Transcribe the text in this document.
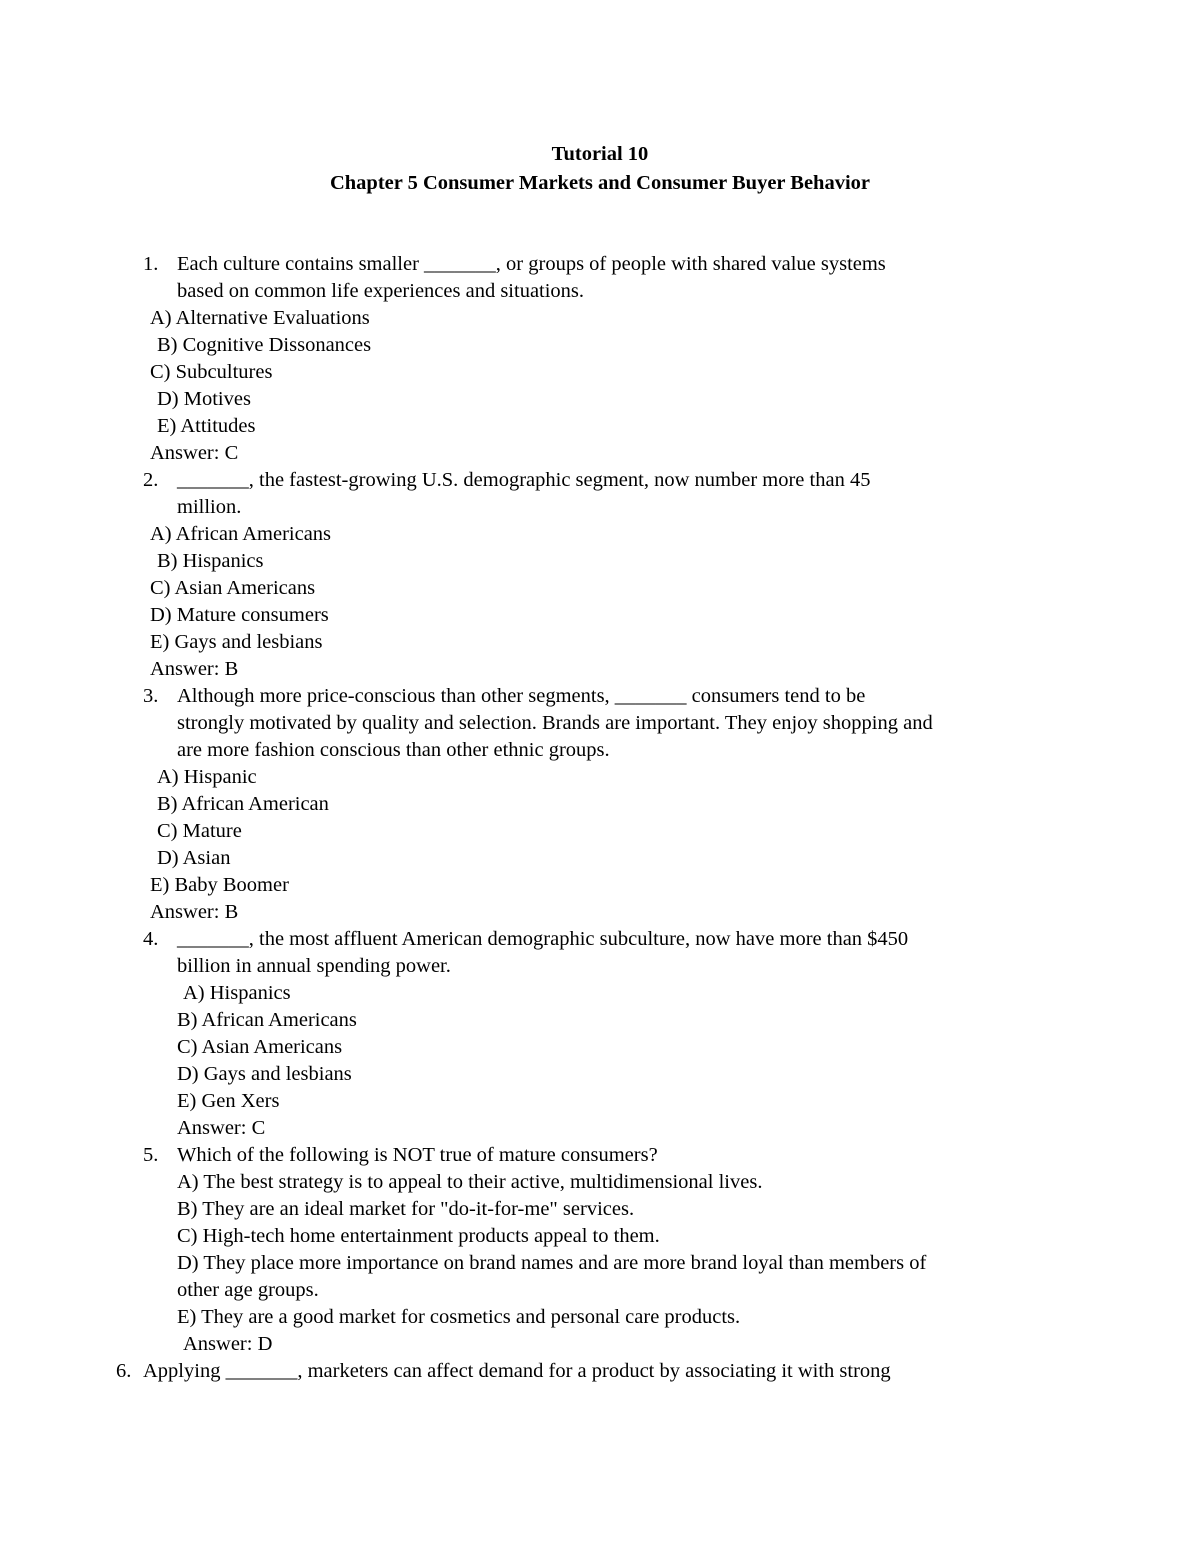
Tutorial 10
Chapter 5 Consumer Markets and Consumer Buyer Behavior
1. Each culture contains smaller _______, or groups of people with shared value systems
based on common life experiences and situations.
A) Alternative Evaluations
B) Cognitive Dissonances
C) Subcultures
D) Motives
E) Attitudes
Answer: C
2. _______, the fastest-growing U.S. demographic segment, now number more than 45
million.
A) African Americans
B) Hispanics
C) Asian Americans
D) Mature consumers
E) Gays and lesbians
Answer: B
3. Although more price-conscious than other segments, _______ consumers tend to be
strongly motivated by quality and selection. Brands are important. They enjoy shopping and
are more fashion conscious than other ethnic groups.
A) Hispanic
B) African American
C) Mature
D) Asian
E) Baby Boomer
Answer: B
4. _______, the most affluent American demographic subculture, now have more than $450
billion in annual spending power.
A) Hispanics
B) African Americans
C) Asian Americans
D) Gays and lesbians
E) Gen Xers
Answer: C
5. Which of the following is NOT true of mature consumers?
A) The best strategy is to appeal to their active, multidimensional lives.
B) They are an ideal market for "do-it-for-me" services.
C) High-tech home entertainment products appeal to them.
D) They place more importance on brand names and are more brand loyal than members of
other age groups.
E) They are a good market for cosmetics and personal care products.
Answer: D
6. Applying _______, marketers can affect demand for a product by associating it with strong
